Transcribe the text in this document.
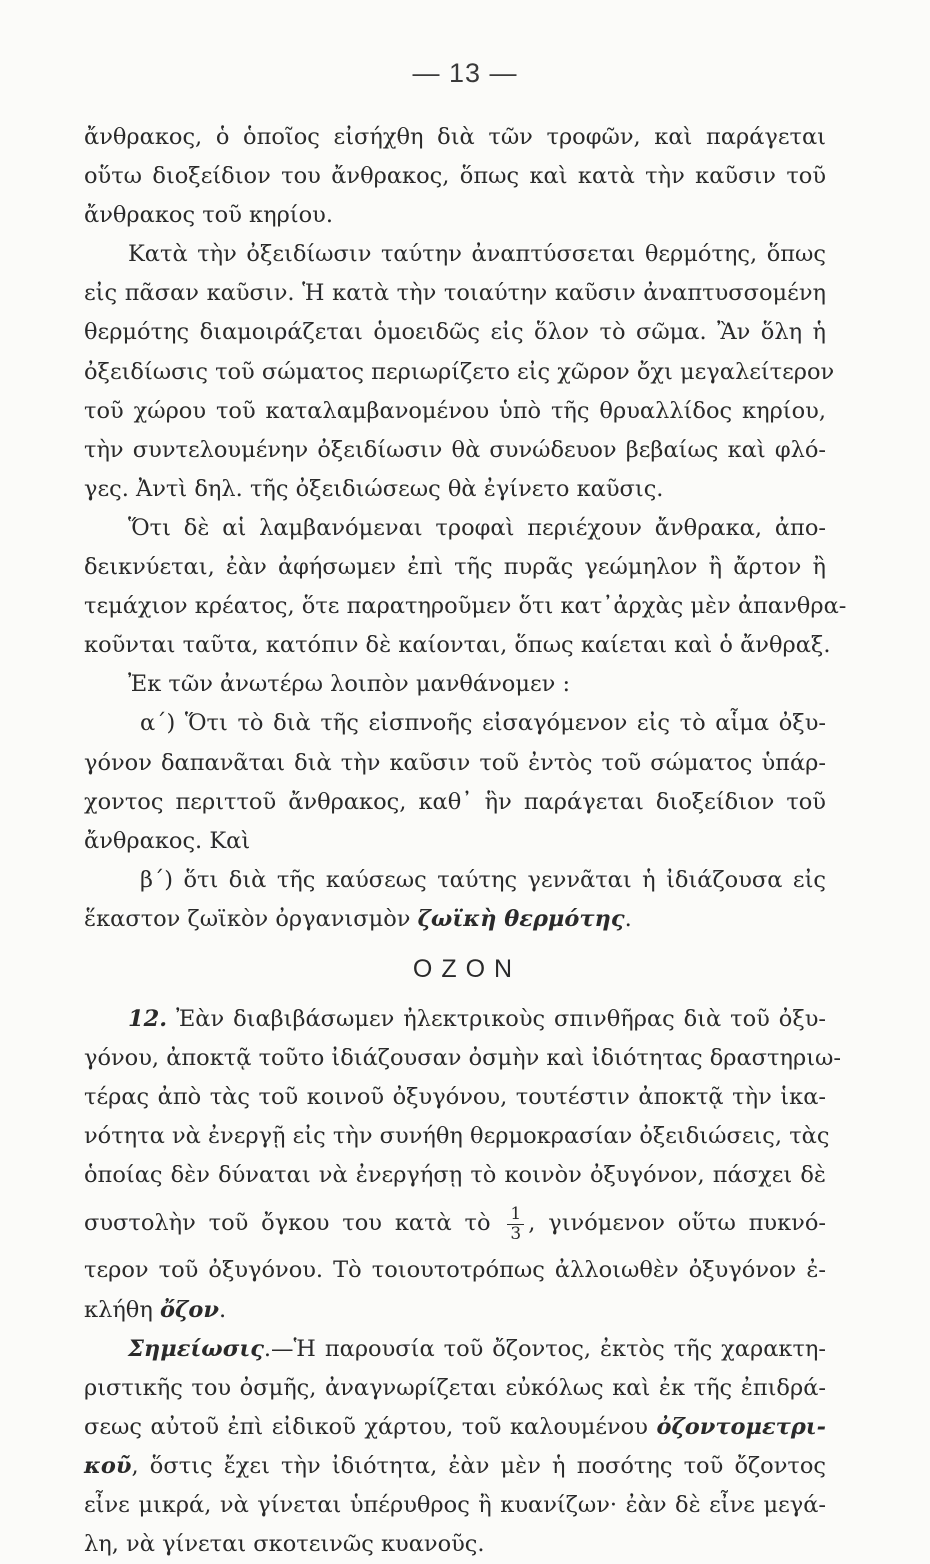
— 13 —
ἄνθρακος, ὁ ὁποῖος εἰσήχθη διὰ τῶν τροφῶν, καὶ παράγεται
οὕτω διοξείδιον του ἄνθρακος, ὅπως καὶ κατὰ τὴν καῦσιν τοῦ
ἄνθρακος τοῦ κηρίου.
Κατὰ τὴν ὀξειδίωσιν ταύτην ἀναπτύσσεται θερμότης, ὅπως
εἰς πᾶσαν καῦσιν. Ἡ κατὰ τὴν τοιαύτην καῦσιν ἀναπτυσσομένη
θερμότης διαμοιράζεται ὁμοειδῶς εἰς ὅλον τὸ σῶμα. Ἂν ὅλη ἡ
ὀξειδίωσις τοῦ σώματος περιωρίζετο εἰς χῶρον ὄχι μεγαλείτερον
τοῦ χώρου τοῦ καταλαμβανομένου ὑπὸ τῆς θρυαλλίδος κηρίου,
τὴν συντελουμένην ὀξειδίωσιν θὰ συνώδευον βεβαίως καὶ φλό-
γες. Ἀντὶ δηλ. τῆς ὀξειδιώσεως θὰ ἐγίνετο καῦσις.
Ὅτι δὲ αἱ λαμβανόμεναι τροφαὶ περιέχουν ἄνθρακα, ἀπο-
δεικνύεται, ἐὰν ἀφήσωμεν ἐπὶ τῆς πυρᾶς γεώμηλον ἢ ἄρτον ἢ
τεμάχιον κρέατος, ὅτε παρατηροῦμεν ὅτι κατ᾽ἀρχὰς μὲν ἀπανθρα-
κοῦνται ταῦτα, κατόπιν δὲ καίονται, ὅπως καίεται καὶ ὁ ἄνθραξ.
Ἐκ τῶν ἀνωτέρω λοιπὸν μανθάνομεν :
α΄) Ὅτι τὸ διὰ τῆς εἰσπνοῆς εἰσαγόμενον εἰς τὸ αἷμα ὀξυ-
γόνον δαπανᾶται διὰ τὴν καῦσιν τοῦ ἐντὸς τοῦ σώματος ὑπάρ-
χοντος περιττοῦ ἄνθρακος, καθ᾽ ἣν παράγεται διοξείδιον τοῦ
ἄνθρακος. Καὶ
β΄) ὅτι διὰ τῆς καύσεως ταύτης γεννᾶται ἡ ἰδιάζουσα εἰς
ἕκαστον ζωϊκὸν ὀργανισμὸν ζωϊκὴ θερμότης.
ΟΖΟΝ
12. Ἐὰν διαβιβάσωμεν ἠλεκτρικοὺς σπινθῆρας διὰ τοῦ ὀξυ-
γόνου, ἀποκτᾷ τοῦτο ἰδιάζουσαν ὀσμὴν καὶ ἰδιότητας δραστηριω-
τέρας ἀπὸ τὰς τοῦ κοινοῦ ὀξυγόνου, τουτέστιν ἀποκτᾷ τὴν ἱκα-
νότητα νὰ ἐνεργῇ εἰς τὴν συνήθη θερμοκρασίαν ὀξειδιώσεις, τὰς
ὁποίας δὲν δύναται νὰ ἐνεργήσῃ τὸ κοινὸν ὀξυγόνον, πάσχει δὲ
συστολὴν τοῦ ὄγκου του κατὰ τὸ $\frac{1}{3}$ , γινόμενον οὕτω πυκνό-
τερον τοῦ ὀξυγόνου. Τὸ τοιουτοτρόπως ἀλλοιωθὲν ὀξυγόνον ἐ-
κλήθη ὄζον.
Σημείωσις.—Ἡ παρουσία τοῦ ὄζοντος, ἐκτὸς τῆς χαρακτη-
ριστικῆς του ὀσμῆς, ἀναγνωρίζεται εὐκόλως καὶ ἐκ τῆς ἐπιδρά-
σεως αὐτοῦ ἐπὶ εἰδικοῦ χάρτου, τοῦ καλουμένου ὀζοντομετρι-
κοῦ, ὅστις ἔχει τὴν ἰδιότητα, ἐὰν μὲν ἡ ποσότης τοῦ ὄζοντος
εἶνε μικρά, νὰ γίνεται ὑπέρυθρος ἢ κυανίζων· ἐὰν δὲ εἶνε μεγά-
λη, νὰ γίνεται σκοτεινῶς κυανοῦς.
